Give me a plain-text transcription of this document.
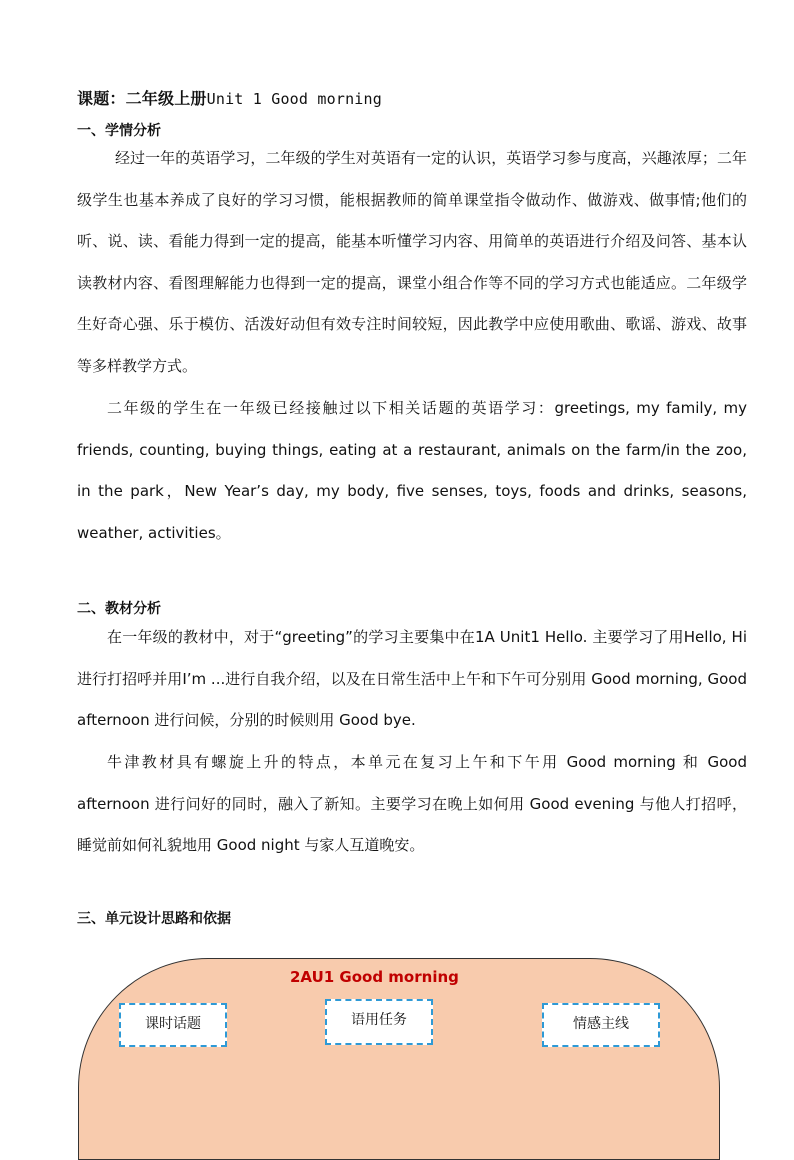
课题：二年级上册Unit 1 Good morning
一、学情分析

经过一年的英语学习，二年级的学生对英语有一定的认识，英语学习参与度高，兴趣浓厚；二年级学生也基本养成了良好的学习习惯，能根据教师的简单课堂指令做动作、做游戏、做事情;他们的听、说、读、看能力得到一定的提高，能基本听懂学习内容、用简单的英语进行介绍及问答、基本认读教材内容、看图理解能力也得到一定的提高，课堂小组合作等不同的学习方式也能适应。二年级学生好奇心强、乐于模仿、活泼好动但有效专注时间较短，因此教学中应使用歌曲、歌谣、游戏、故事等多样教学方式。

二年级的学生在一年级已经接触过以下相关话题的英语学习：greetings, my family, my friends, counting, buying things, eating at a restaurant, animals on the farm/in the zoo, in the park，New Year’s day, my body, five senses, toys, foods and drinks, seasons, weather, activities。

二、教材分析

在一年级的教材中，对于“greeting”的学习主要集中在1A Unit1 Hello. 主要学习了用Hello, Hi 进行打招呼并用I’m ...进行自我介绍，以及在日常生活中上午和下午可分别用 Good morning, Good afternoon 进行问候，分别的时候则用 Good bye.

牛津教材具有螺旋上升的特点，本单元在复习上午和下午用 Good morning 和 Good afternoon 进行问好的同时，融入了新知。主要学习在晚上如何用 Good evening 与他人打招呼，睡觉前如何礼貌地用 Good night 与家人互道晚安。

三、单元设计思路和依据
2AU1 Good morning
课时话题	语用任务	情感主线
